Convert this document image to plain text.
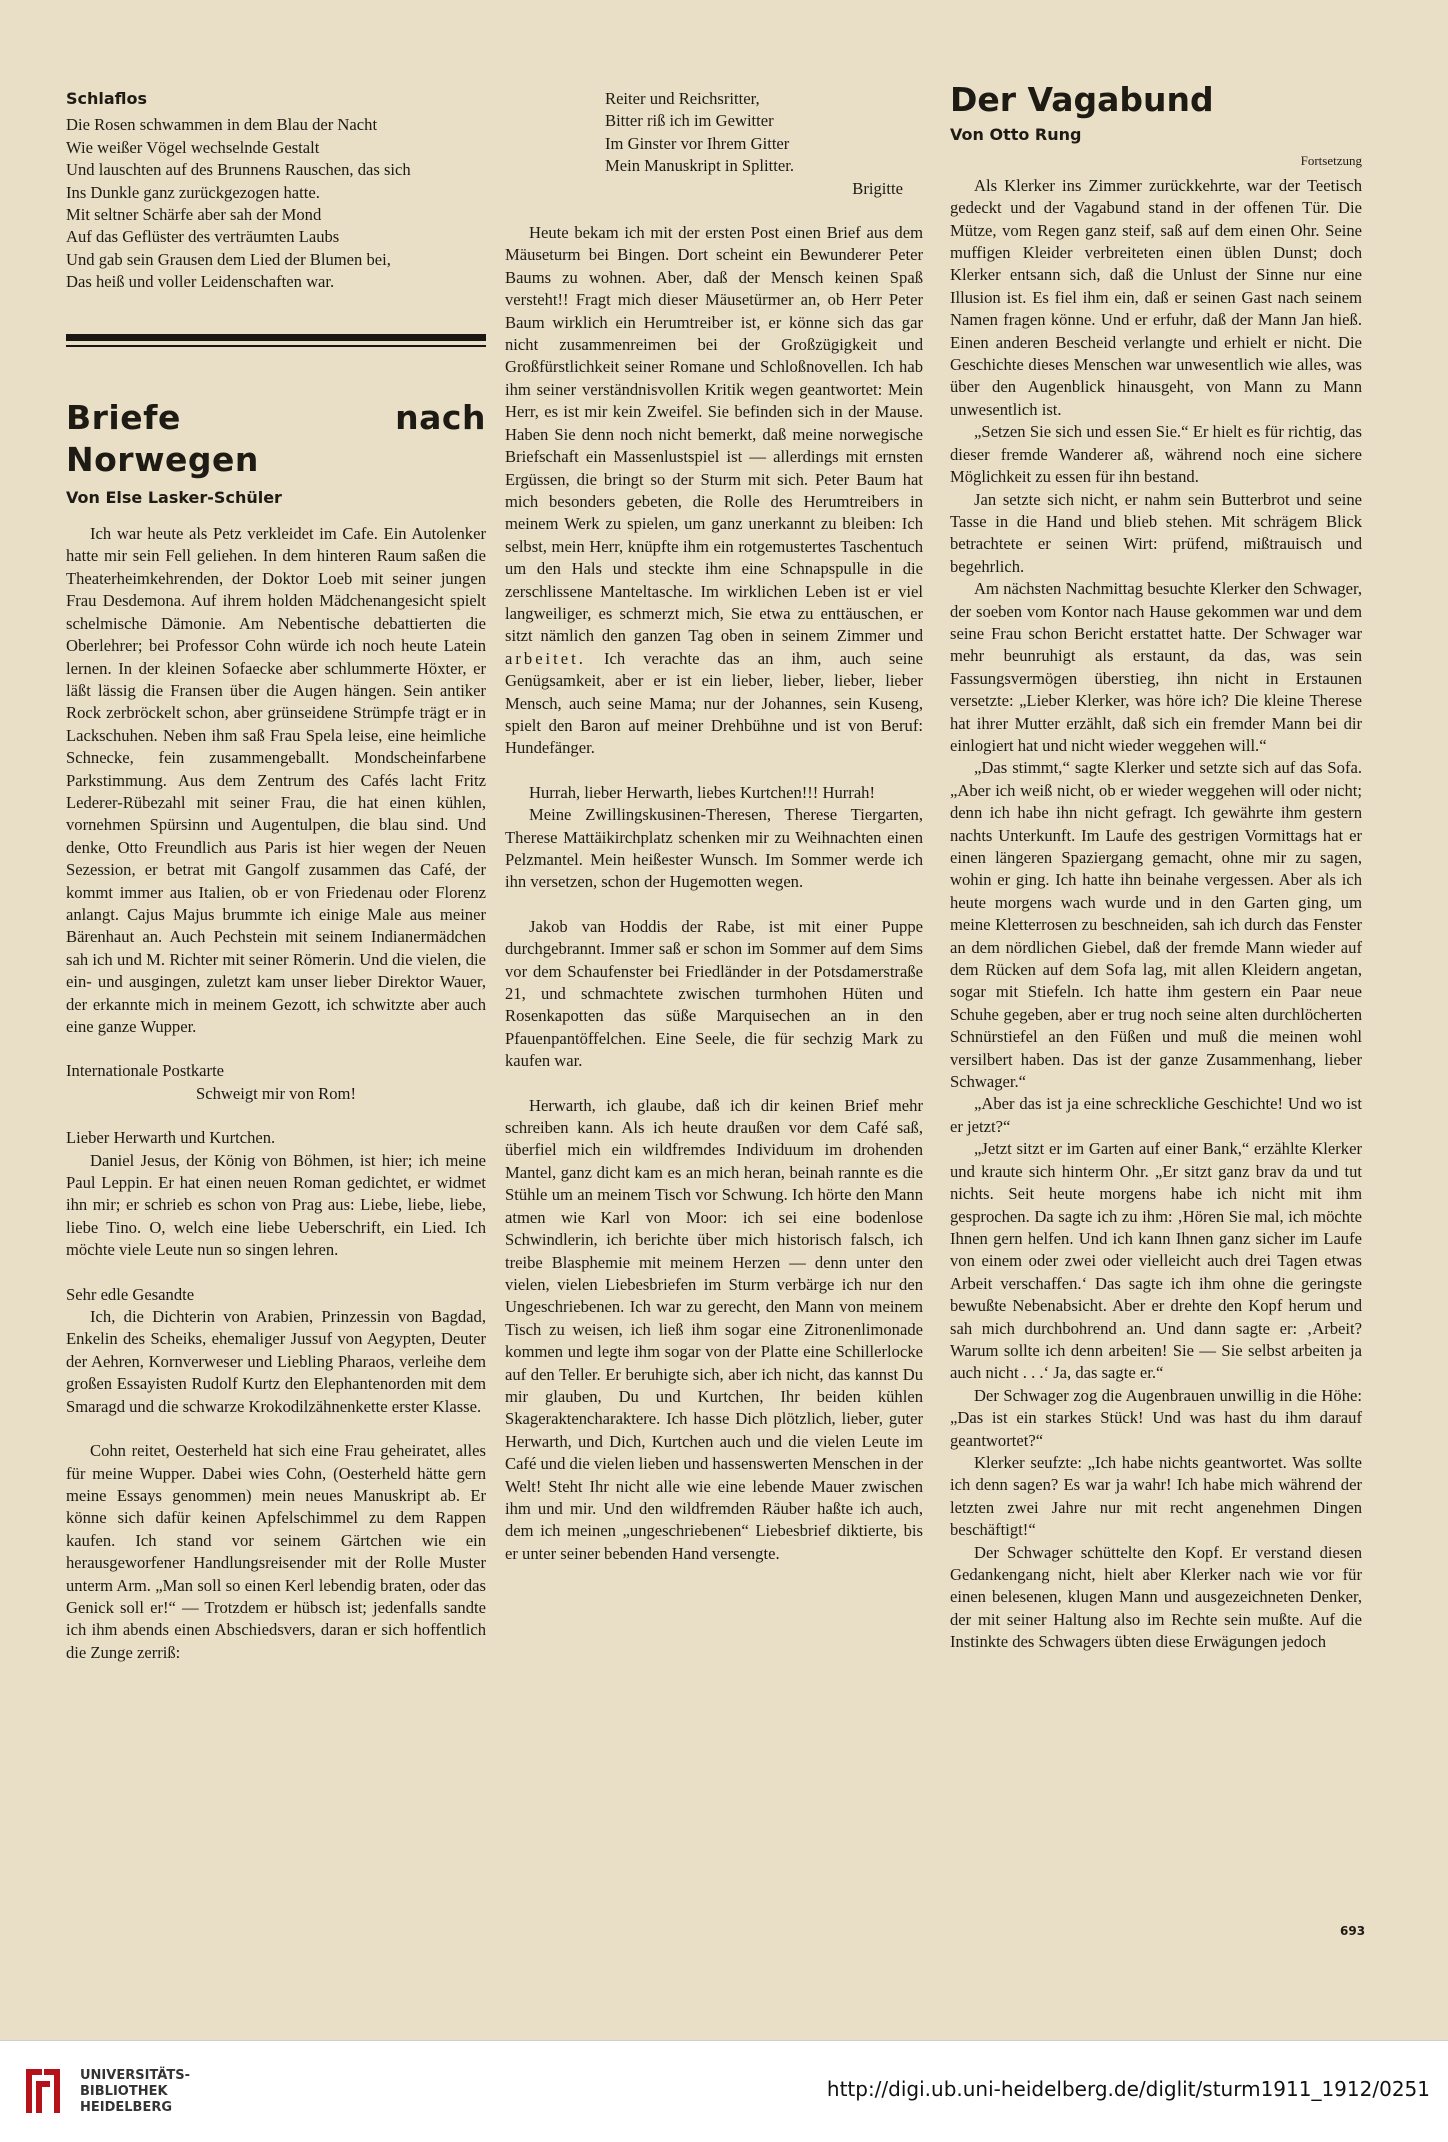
Schlaflos
Die Rosen schwammen in dem Blau der Nacht
Wie weißer Vögel wechselnde Gestalt
Und lauschten auf des Brunnens Rauschen, das sich
Ins Dunkle ganz zurückgezogen hatte.
Mit seltner Schärfe aber sah der Mond
Auf das Geflüster des verträumten Laubs
Und gab sein Grausen dem Lied der Blumen bei,
Das heiß und voller Leidenschaften war.
Briefe nach Norwegen
Von Else Lasker-Schüler

Ich war heute als Petz verkleidet im Cafe. Ein Autolenker hatte mir sein Fell geliehen. In dem hinteren Raum saßen die Theaterheimkehrenden, der Doktor Loeb mit seiner jungen Frau Desdemona. Auf ihrem holden Mädchenangesicht spielt schelmische Dämonie. Am Nebentische debattierten die Oberlehrer; bei Professor Cohn würde ich noch heute Latein lernen. In der kleinen Sofaecke aber schlummerte Höxter, er läßt lässig die Fransen über die Augen hängen. Sein antiker Rock zerbröckelt schon, aber grünseidene Strümpfe trägt er in Lackschuhen. Neben ihm saß Frau Spela leise, eine heimliche Schnecke, fein zusammengeballt. Mondscheinfarbene Parkstimmung. Aus dem Zentrum des Cafés lacht Fritz Lederer-Rübezahl mit seiner Frau, die hat einen kühlen, vornehmen Spürsinn und Augentulpen, die blau sind. Und denke, Otto Freundlich aus Paris ist hier wegen der Neuen Sezession, er betrat mit Gangolf zusammen das Café, der kommt immer aus Italien, ob er von Friedenau oder Florenz anlangt. Cajus Majus brummte ich einige Male aus meiner Bärenhaut an. Auch Pechstein mit seinem Indianermädchen sah ich und M. Richter mit seiner Römerin. Und die vielen, die ein- und ausgingen, zuletzt kam unser lieber Direktor Wauer, der erkannte mich in meinem Gezott, ich schwitzte aber auch eine ganze Wupper.

Internationale Postkarte

Schweigt mir von Rom!

Lieber Herwarth und Kurtchen.

Daniel Jesus, der König von Böhmen, ist hier; ich meine Paul Leppin. Er hat einen neuen Roman gedichtet, er widmet ihn mir; er schrieb es schon von Prag aus: Liebe, liebe, liebe, liebe Tino. O, welch eine liebe Ueberschrift, ein Lied. Ich möchte viele Leute nun so singen lehren.

Sehr edle Gesandte

Ich, die Dichterin von Arabien, Prinzessin von Bagdad, Enkelin des Scheiks, ehemaliger Jussuf von Aegypten, Deuter der Aehren, Kornverweser und Liebling Pharaos, verleihe dem großen Essayisten Rudolf Kurtz den Elephantenorden mit dem Smaragd und die schwarze Krokodilzähnenkette erster Klasse.

Cohn reitet, Oesterheld hat sich eine Frau geheiratet, alles für meine Wupper. Dabei wies Cohn, (Oesterheld hätte gern meine Essays genommen) mein neues Manuskript ab. Er könne sich dafür keinen Apfelschimmel zu dem Rappen kaufen. Ich stand vor seinem Gärtchen wie ein herausgeworfener Handlungsreisender mit der Rolle Muster unterm Arm. „Man soll so einen Kerl lebendig braten, oder das Genick soll er!“ — Trotzdem er hübsch ist; jedenfalls sandte ich ihm abends einen Abschiedsvers, daran er sich hoffentlich die Zunge zerriß:

Reiter und Reichsritter,
Bitter riß ich im Gewitter
Im Ginster vor Ihrem Gitter
Mein Manuskript in Splitter.

Brigitte

Heute bekam ich mit der ersten Post einen Brief aus dem Mäuseturm bei Bingen. Dort scheint ein Bewunderer Peter Baums zu wohnen. Aber, daß der Mensch keinen Spaß versteht!! Fragt mich dieser Mäusetürmer an, ob Herr Peter Baum wirklich ein Herumtreiber ist, er könne sich das gar nicht zusammenreimen bei der Großzügigkeit und Großfürstlichkeit seiner Romane und Schloßnovellen. Ich hab ihm seiner verständnisvollen Kritik wegen geantwortet: Mein Herr, es ist mir kein Zweifel. Sie befinden sich in der Mause. Haben Sie denn noch nicht bemerkt, daß meine norwegische Briefschaft ein Massenlustspiel ist — allerdings mit ernsten Ergüssen, die bringt so der Sturm mit sich. Peter Baum hat mich besonders gebeten, die Rolle des Herumtreibers in meinem Werk zu spielen, um ganz unerkannt zu bleiben: Ich selbst, mein Herr, knüpfte ihm ein rotgemustertes Taschentuch um den Hals und steckte ihm eine Schnapspulle in die zerschlissene Manteltasche. Im wirklichen Leben ist er viel langweiliger, es schmerzt mich, Sie etwa zu enttäuschen, er sitzt nämlich den ganzen Tag oben in seinem Zimmer und arbeitet. Ich verachte das an ihm, auch seine Genügsamkeit, aber er ist ein lieber, lieber, lieber, lieber Mensch, auch seine Mama; nur der Johannes, sein Kuseng, spielt den Baron auf meiner Drehbühne und ist von Beruf: Hundefänger.

Hurrah, lieber Herwarth, liebes Kurtchen!!! Hurrah!

Meine Zwillingskusinen-Theresen, Therese Tiergarten, Therese Mattäikirchplatz schenken mir zu Weihnachten einen Pelzmantel. Mein heißester Wunsch. Im Sommer werde ich ihn versetzen, schon der Hugemotten wegen.

Jakob van Hoddis der Rabe, ist mit einer Puppe durchgebrannt. Immer saß er schon im Sommer auf dem Sims vor dem Schaufenster bei Friedländer in der Potsdamerstraße 21, und schmachtete zwischen turmhohen Hüten und Rosenkapotten das süße Marquisechen an in den Pfauenpantöffelchen. Eine Seele, die für sechzig Mark zu kaufen war.

Herwarth, ich glaube, daß ich dir keinen Brief mehr schreiben kann. Als ich heute draußen vor dem Café saß, überfiel mich ein wildfremdes Individuum im drohenden Mantel, ganz dicht kam es an mich heran, beinah rannte es die Stühle um an meinem Tisch vor Schwung. Ich hörte den Mann atmen wie Karl von Moor: ich sei eine bodenlose Schwindlerin, ich berichte über mich historisch falsch, ich treibe Blasphemie mit meinem Herzen — denn unter den vielen, vielen Liebesbriefen im Sturm verbärge ich nur den Ungeschriebenen. Ich war zu gerecht, den Mann von meinem Tisch zu weisen, ich ließ ihm sogar eine Zitronenlimonade kommen und legte ihm sogar von der Platte eine Schillerlocke auf den Teller. Er beruhigte sich, aber ich nicht, das kannst Du mir glauben, Du und Kurtchen, Ihr beiden kühlen Skageraktencharaktere. Ich hasse Dich plötzlich, lieber, guter Herwarth, und Dich, Kurtchen auch und die vielen Leute im Café und die vielen lieben und hassenswerten Menschen in der Welt! Steht Ihr nicht alle wie eine lebende Mauer zwischen ihm und mir. Und den wildfremden Räuber haßte ich auch, dem ich meinen „ungeschriebenen“ Liebesbrief diktierte, bis er unter seiner bebenden Hand versengte.

Der Vagabund
Von Otto Rung
Fortsetzung

Als Klerker ins Zimmer zurückkehrte, war der Teetisch gedeckt und der Vagabund stand in der offenen Tür. Die Mütze, vom Regen ganz steif, saß auf dem einen Ohr. Seine muffigen Kleider verbreiteten einen üblen Dunst; doch Klerker entsann sich, daß die Unlust der Sinne nur eine Illusion ist. Es fiel ihm ein, daß er seinen Gast nach seinem Namen fragen könne. Und er erfuhr, daß der Mann Jan hieß. Einen anderen Bescheid verlangte und erhielt er nicht. Die Geschichte dieses Menschen war unwesentlich wie alles, was über den Augenblick hinausgeht, von Mann zu Mann unwesentlich ist.

„Setzen Sie sich und essen Sie.“ Er hielt es für richtig, das dieser fremde Wanderer aß, während noch eine sichere Möglichkeit zu essen für ihn bestand.

Jan setzte sich nicht, er nahm sein Butterbrot und seine Tasse in die Hand und blieb stehen. Mit schrägem Blick betrachtete er seinen Wirt: prüfend, mißtrauisch und begehrlich.

Am nächsten Nachmittag besuchte Klerker den Schwager, der soeben vom Kontor nach Hause gekommen war und dem seine Frau schon Bericht erstattet hatte. Der Schwager war mehr beunruhigt als erstaunt, da das, was sein Fassungsvermögen überstieg, ihn nicht in Erstaunen versetzte: „Lieber Klerker, was höre ich? Die kleine Therese hat ihrer Mutter erzählt, daß sich ein fremder Mann bei dir einlogiert hat und nicht wieder weggehen will.“

„Das stimmt,“ sagte Klerker und setzte sich auf das Sofa. „Aber ich weiß nicht, ob er wieder weggehen will oder nicht; denn ich habe ihn nicht gefragt. Ich gewährte ihm gestern nachts Unterkunft. Im Laufe des gestrigen Vormittags hat er einen längeren Spaziergang gemacht, ohne mir zu sagen, wohin er ging. Ich hatte ihn beinahe vergessen. Aber als ich heute morgens wach wurde und in den Garten ging, um meine Kletterrosen zu beschneiden, sah ich durch das Fenster an dem nördlichen Giebel, daß der fremde Mann wieder auf dem Rücken auf dem Sofa lag, mit allen Kleidern angetan, sogar mit Stiefeln. Ich hatte ihm gestern ein Paar neue Schuhe gegeben, aber er trug noch seine alten durchlöcherten Schnürstiefel an den Füßen und muß die meinen wohl versilbert haben. Das ist der ganze Zusammenhang, lieber Schwager.“

„Aber das ist ja eine schreckliche Geschichte! Und wo ist er jetzt?“

„Jetzt sitzt er im Garten auf einer Bank,“ erzählte Klerker und kraute sich hinterm Ohr. „Er sitzt ganz brav da und tut nichts. Seit heute morgens habe ich nicht mit ihm gesprochen. Da sagte ich zu ihm: ‚Hören Sie mal, ich möchte Ihnen gern helfen. Und ich kann Ihnen ganz sicher im Laufe von einem oder zwei oder vielleicht auch drei Tagen etwas Arbeit verschaffen.‘ Das sagte ich ihm ohne die geringste bewußte Nebenabsicht. Aber er drehte den Kopf herum und sah mich durchbohrend an. Und dann sagte er: ‚Arbeit? Warum sollte ich denn arbeiten! Sie — Sie selbst arbeiten ja auch nicht . . .‘ Ja, das sagte er.“

Der Schwager zog die Augenbrauen unwillig in die Höhe: „Das ist ein starkes Stück! Und was hast du ihm darauf geantwortet?“

Klerker seufzte: „Ich habe nichts geantwortet. Was sollte ich denn sagen? Es war ja wahr! Ich habe mich während der letzten zwei Jahre nur mit recht angenehmen Dingen beschäftigt!“

Der Schwager schüttelte den Kopf. Er verstand diesen Gedankengang nicht, hielt aber Klerker nach wie vor für einen belesenen, klugen Mann und ausgezeichneten Denker, der mit seiner Haltung also im Rechte sein mußte. Auf die Instinkte des Schwagers übten diese Erwägungen jedoch

693
UNIVERSITÄTS-
BIBLIOTHEK
HEIDELBERG
http://digi.ub.uni-heidelberg.de/diglit/sturm1911_1912/0251
